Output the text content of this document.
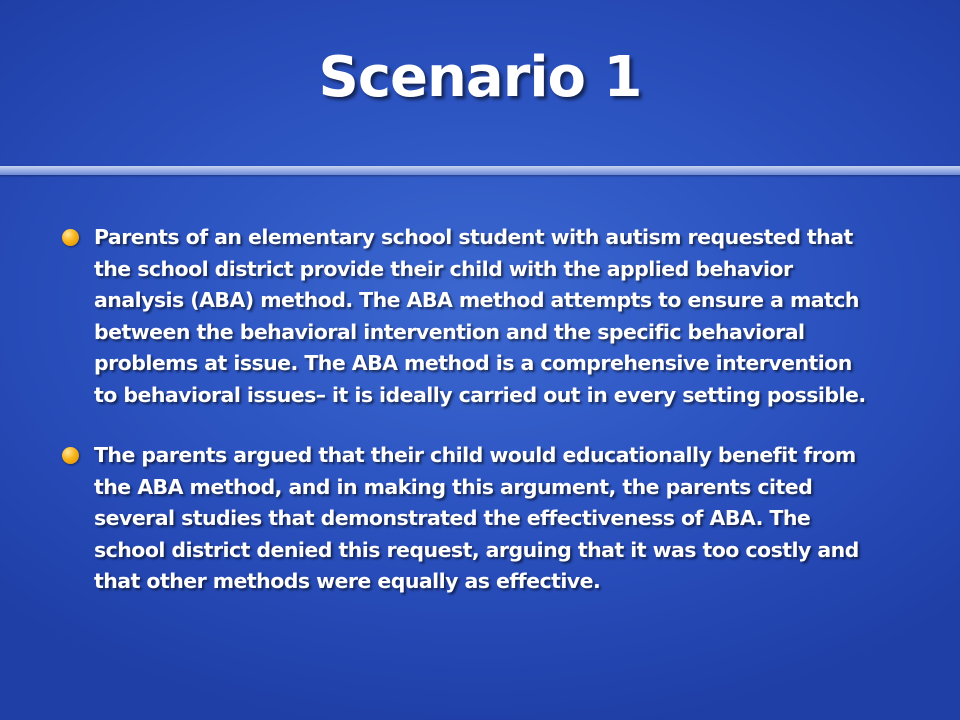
Scenario 1
Parents of an elementary school student with autism requested that
the school district provide their child with the applied behavior
analysis (ABA) method. The ABA method attempts to ensure a match
between the behavioral intervention and the specific behavioral
problems at issue. The ABA method is a comprehensive intervention
to behavioral issues– it is ideally carried out in every setting possible.
The parents argued that their child would educationally benefit from
the ABA method, and in making this argument, the parents cited
several studies that demonstrated the effectiveness of ABA. The
school district denied this request, arguing that it was too costly and
that other methods were equally as effective.
